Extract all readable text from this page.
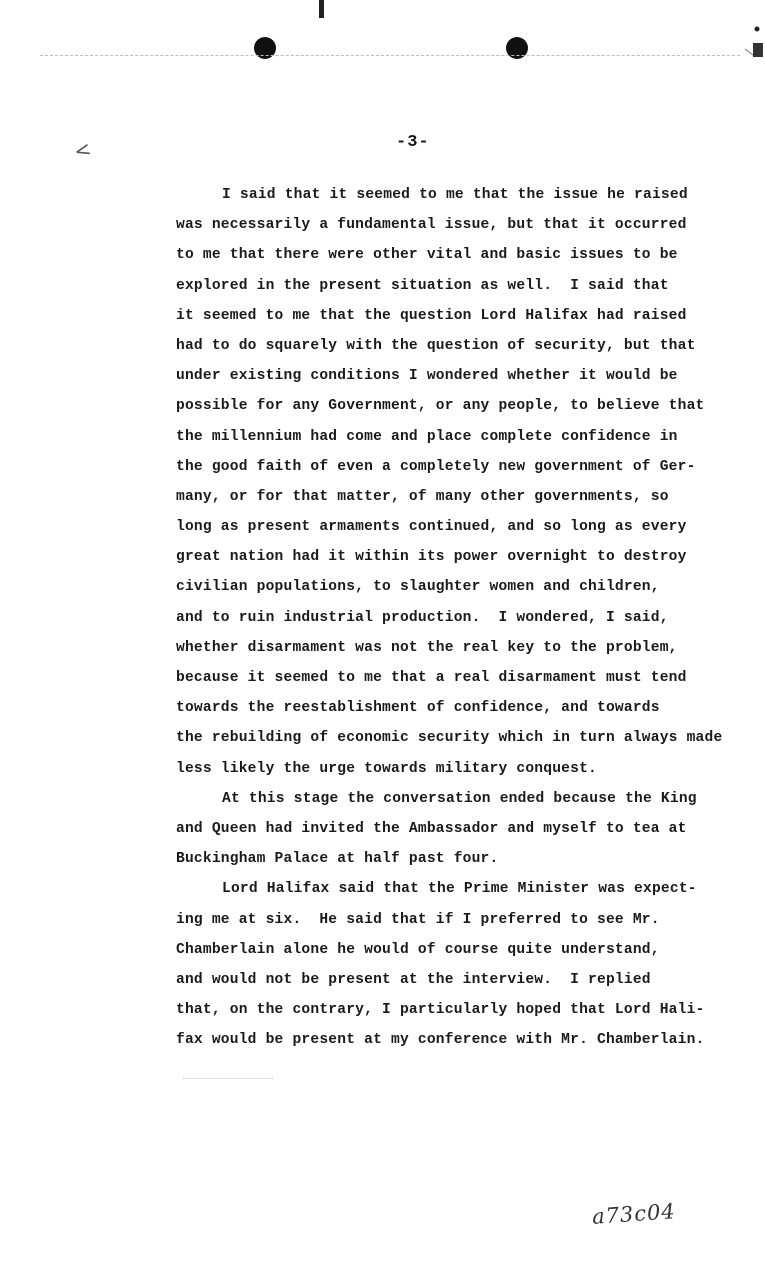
<	-3-
I said that it seemed to me that the issue he raised
was necessarily a fundamental issue, but that it occurred
to me that there were other vital and basic issues to be
explored in the present situation as well.  I said that
it seemed to me that the question Lord Halifax had raised
had to do squarely with the question of security, but that
under existing conditions I wondered whether it would be
possible for any Government, or any people, to believe that
the millennium had come and place complete confidence in
the good faith of even a completely new government of Ger-
many, or for that matter, of many other governments, so
long as present armaments continued, and so long as every
great nation had it within its power overnight to destroy
civilian populations, to slaughter women and children,
and to ruin industrial production.  I wondered, I said,
whether disarmament was not the real key to the problem,
because it seemed to me that a real disarmament must tend
towards the reestablishment of confidence, and towards
the rebuilding of economic security which in turn always made
less likely the urge towards military conquest.
At this stage the conversation ended because the King
and Queen had invited the Ambassador and myself to tea at
Buckingham Palace at half past four.
Lord Halifax said that the Prime Minister was expect-
ing me at six.  He said that if I preferred to see Mr.
Chamberlain alone he would of course quite understand,
and would not be present at the interview.  I replied
that, on the contrary, I particularly hoped that Lord Hali-
fax would be present at my conference with Mr. Chamberlain.
a73c04
